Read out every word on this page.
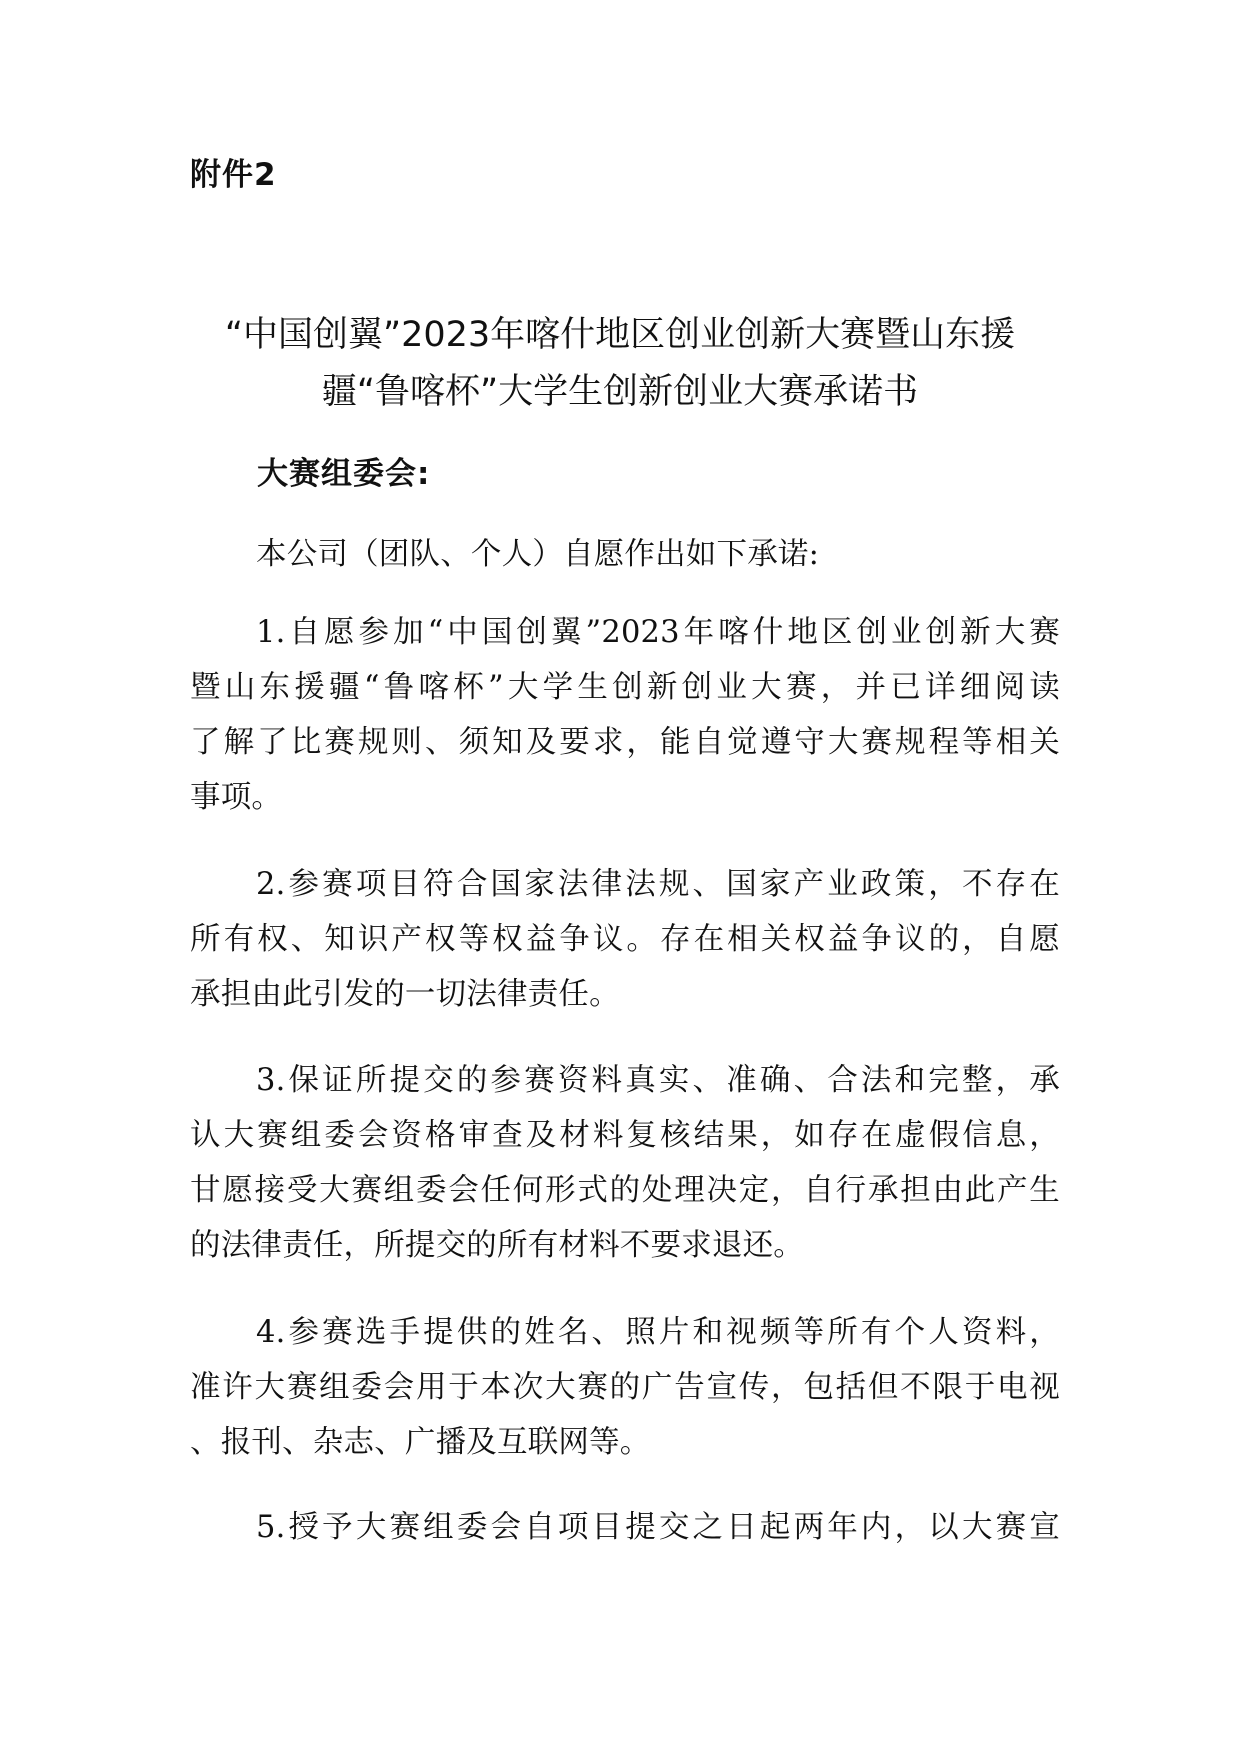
附件2
“中国创翼”2023年喀什地区创业创新大赛暨山东援
疆“鲁喀杯”大学生创新创业大赛承诺书
大赛组委会:
本公司（团队、个人）自愿作出如下承诺:
1.自愿参加“中国创翼”2023年喀什地区创业创新大赛
暨山东援疆“鲁喀杯”大学生创新创业大赛，并已详细阅读
了解了比赛规则、须知及要求，能自觉遵守大赛规程等相关
事项。
2.参赛项目符合国家法律法规、国家产业政策，不存在
所有权、知识产权等权益争议。存在相关权益争议的，自愿
承担由此引发的一切法律责任。
3.保证所提交的参赛资料真实、准确、合法和完整，承
认大赛组委会资格审查及材料复核结果，如存在虚假信息，
甘愿接受大赛组委会任何形式的处理决定，自行承担由此产生
的法律责任，所提交的所有材料不要求退还。
4.参赛选手提供的姓名、照片和视频等所有个人资料，
准许大赛组委会用于本次大赛的广告宣传，包括但不限于电视
、报刊、杂志、广播及互联网等。
5.授予大赛组委会自项目提交之日起两年内，以大赛宣
